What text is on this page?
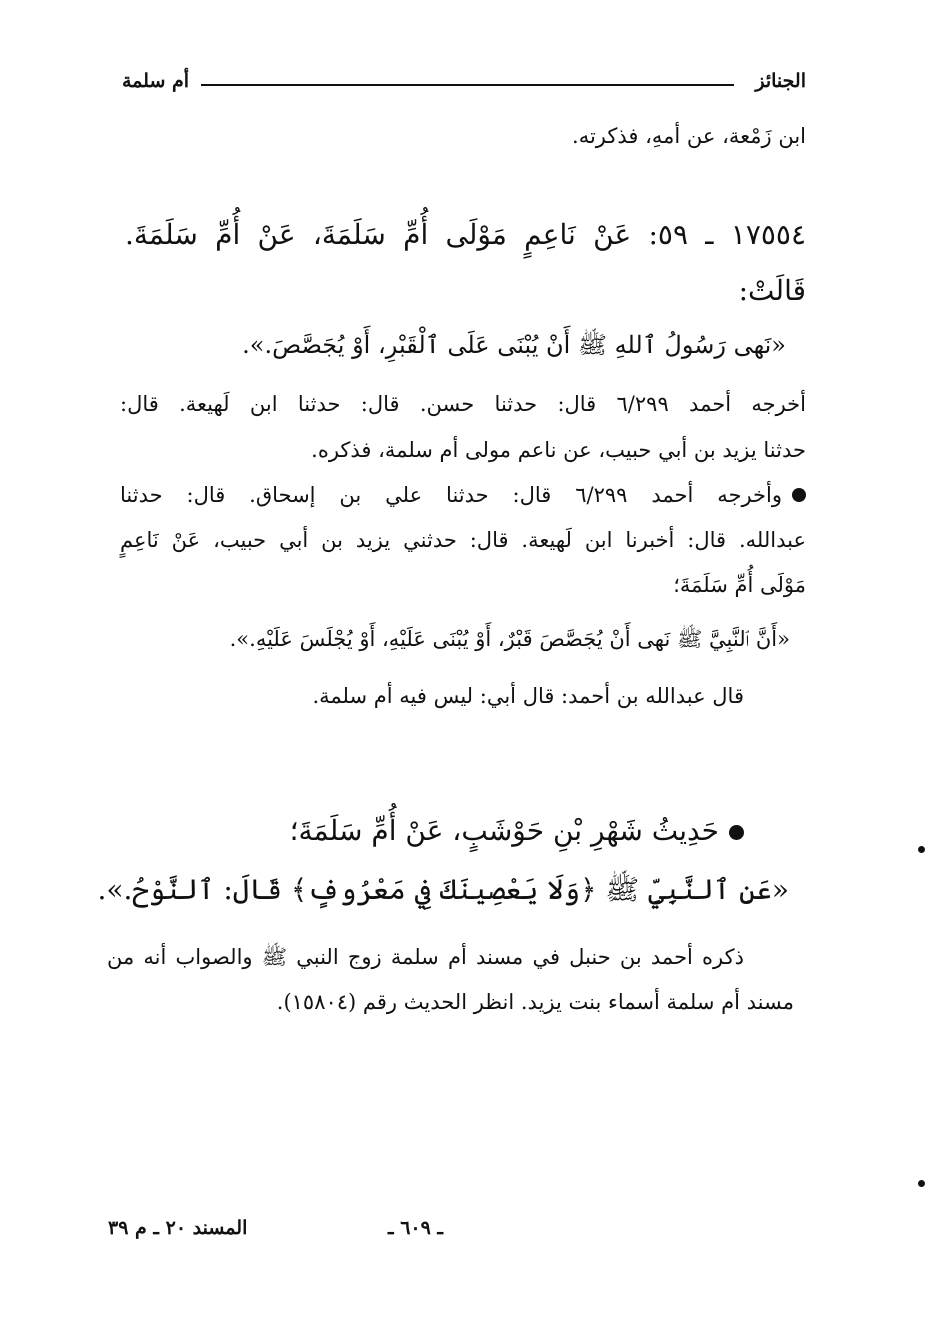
الجنائز
أم سلمة
ابن زَمْعة، عن أمهِ، فذكرته.
١٧٥٥٤ ـ ٥٩: عَنْ نَاعِمٍ مَوْلَى أُمِّ سَلَمَةَ، عَنْ أُمِّ سَلَمَةَ.
قَالَتْ:
«نَهى رَسُولُ ٱللهِ ﷺ أَنْ يُبْنَى عَلَى ٱلْقَبْرِ، أَوْ يُجَصَّصَ.».
أخرجه أحمد ٦/٢٩٩ قال: حدثنا حسن. قال: حدثنا ابن لَهيعة. قال:
حدثنا يزيد بن أبي حبيب، عن ناعم مولى أم سلمة، فذكره.
وأخرجه أحمد ٦/٢٩٩ قال: حدثنا علي بن إسحاق. قال: حدثنا
عبدالله. قال: أخبرنا ابن لَهيعة. قال: حدثني يزيد بن أبي حبيب، عَنْ نَاعِمٍ
مَوْلَى أُمِّ سَلَمَةَ؛
«أَنَّ ٱلنَّبِيَّ ﷺ نَهى أَنْ يُجَصَّصَ قَبْرٌ، أَوْ يُبْنَى عَلَيْهِ، أَوْ يُجْلَسَ عَلَيْهِ.».
قال عبدالله بن أحمد: قال أبي: ليس فيه أم سلمة.
حَدِيثُ شَهْرِ بْنِ حَوْشَبٍ، عَنْ أُمِّ سَلَمَةَ؛
«عَنِ ٱلنَّبِيِّ ﷺ ﴿وَلَا يَعْصِينَكَ فِي مَعْرُوفٍ﴾ قَالَ: ٱلنَّوْحُ.».
ذكره أحمد بن حنبل في مسند أم سلمة زوج النبي ﷺ والصواب أنه من
مسند أم سلمة أسماء بنت يزيد. انظر الحديث رقم (١٥٨٠٤).
ـ ٦٠٩ ـ
المسند ٢٠ ـ م ٣٩
